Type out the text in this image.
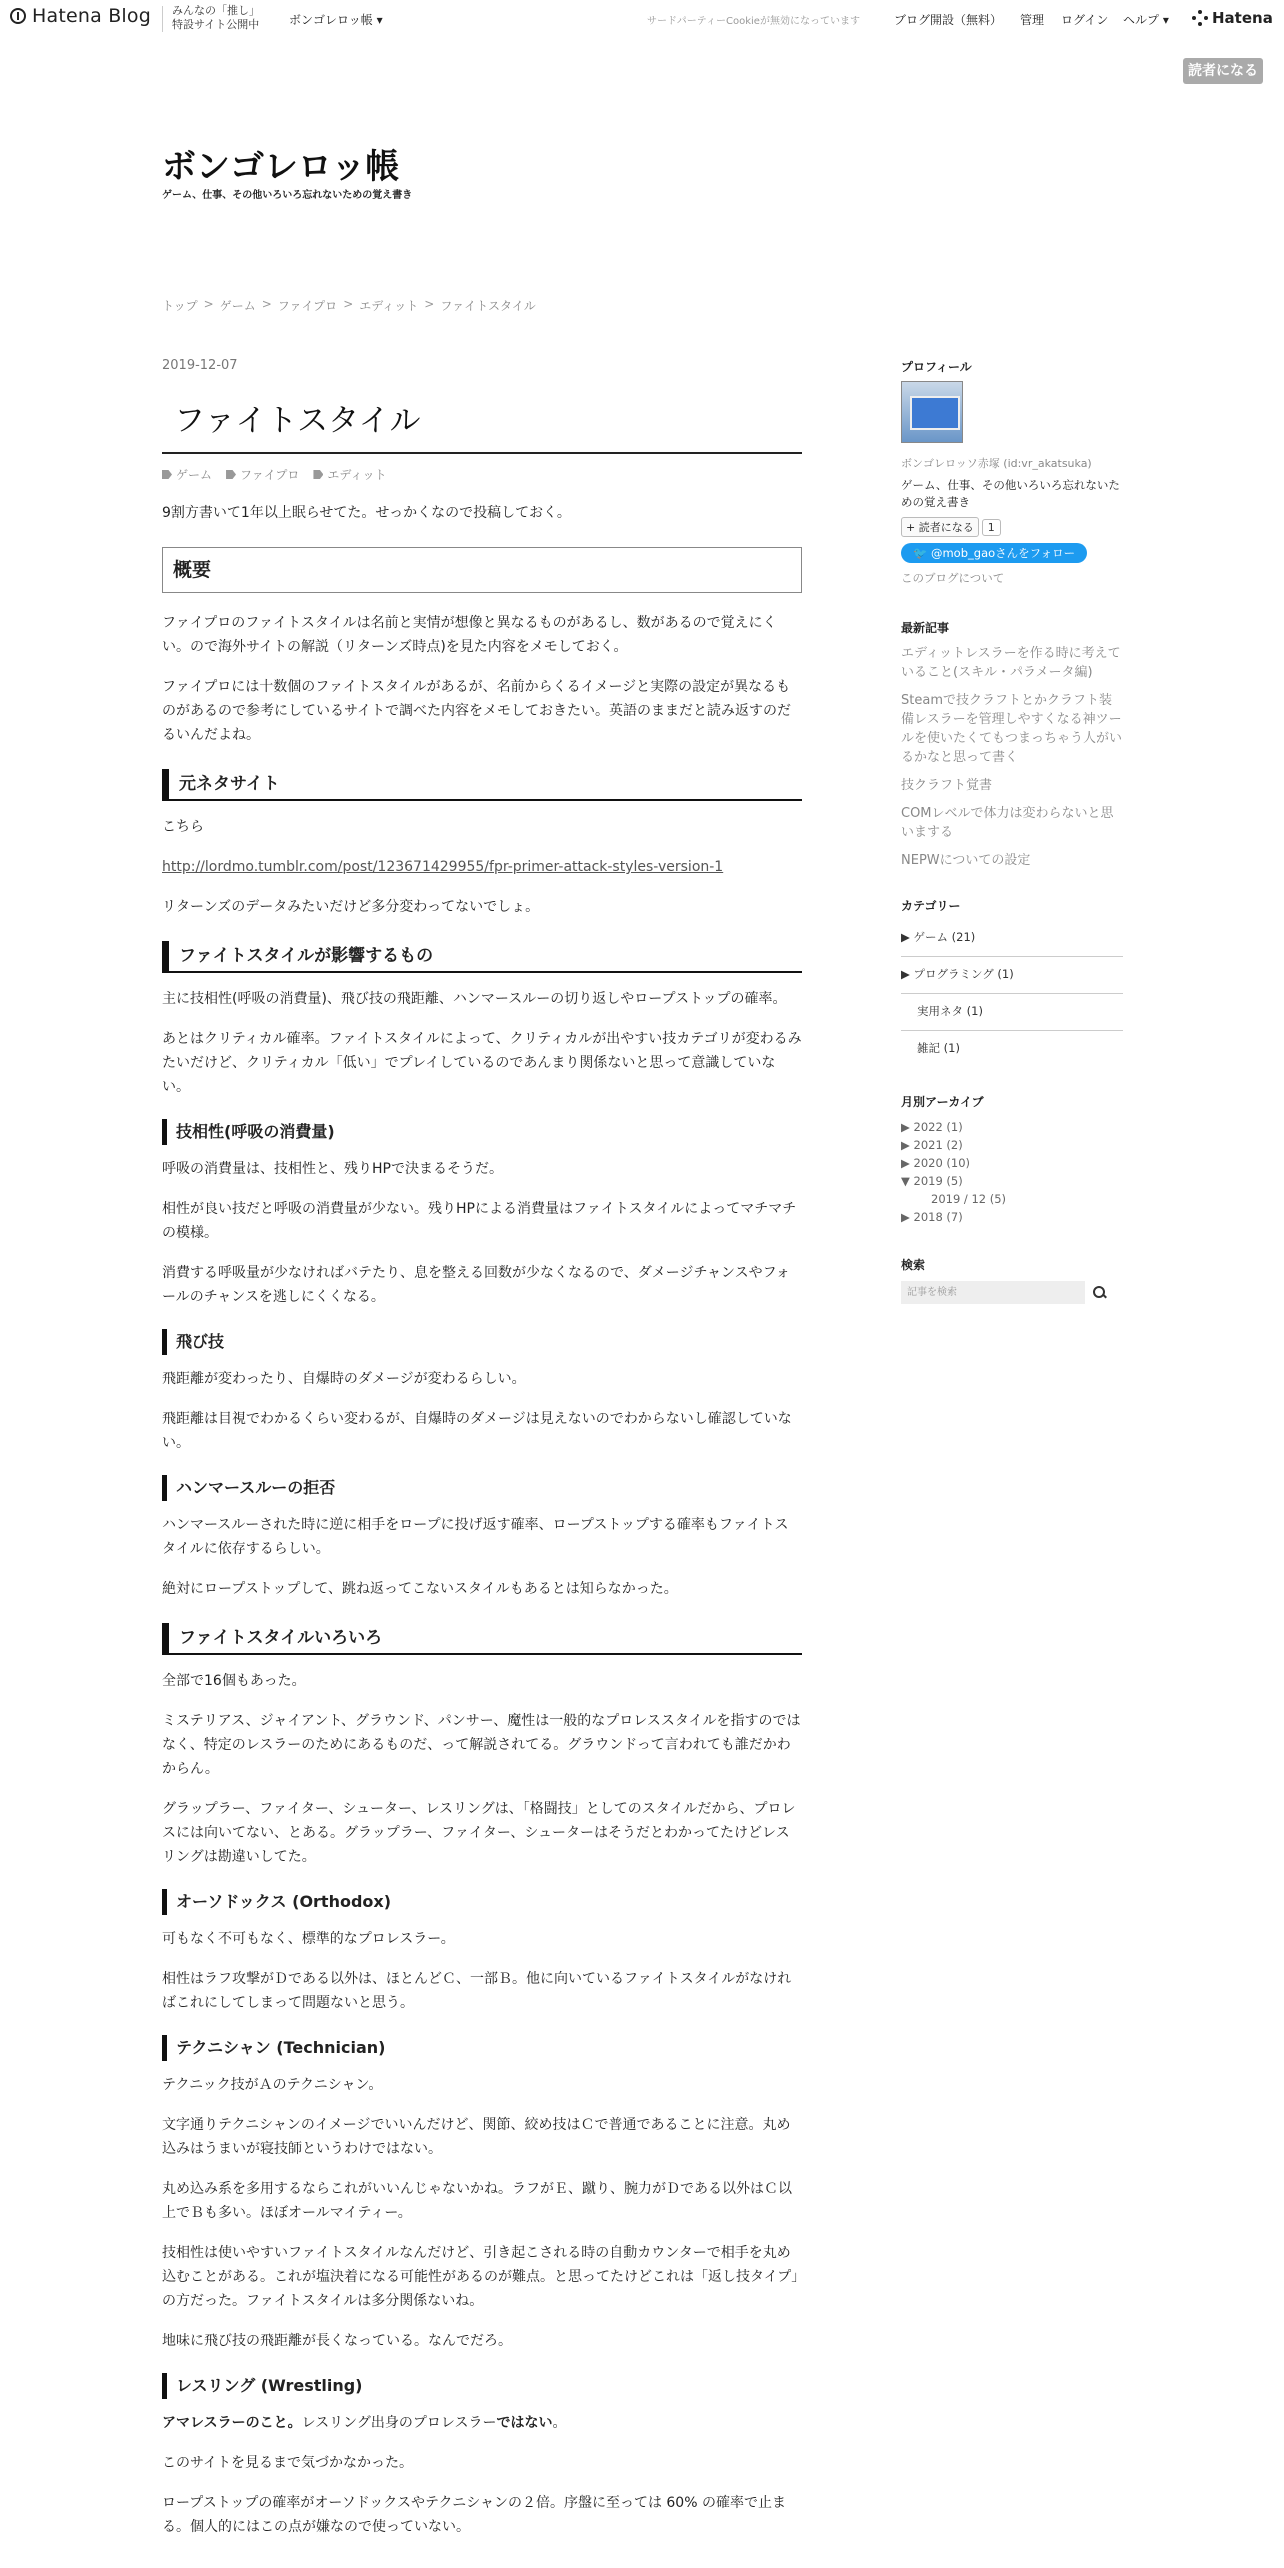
Hatena Blog みんなの「推し」
特設サイト公開中 ボンゴレロッ帳 ▾	サードパーティーCookieが無効になっています	ブログ開設（無料） 管理 ログイン ヘルプ ▾	Hatena
読者になる
ボンゴレロッ帳
ゲーム、仕事、その他いろいろ忘れないための覚え書き
トップ > ゲーム > ファイプロ > エディット > ファイトスタイル
2019-12-07
ファイトスタイル
ゲーム ファイプロ エディット

9割方書いて1年以上眠らせてた。せっかくなので投稿しておく。

概要

ファイプロのファイトスタイルは名前と実情が想像と異なるものがあるし、数があるので覚えにくい。ので海外サイトの解説（リターンズ時点)を見た内容をメモしておく。

ファイプロには十数個のファイトスタイルがあるが、名前からくるイメージと実際の設定が異なるものがあるので参考にしているサイトで調べた内容をメモしておきたい。英語のままだと読み返すのだるいんだよね。

元ネタサイト

こちら

http://lordmo.tumblr.com/post/123671429955/fpr-primer-attack-styles-version-1

リターンズのデータみたいだけど多分変わってないでしょ。

ファイトスタイルが影響するもの

主に技相性(呼吸の消費量)、飛び技の飛距離、ハンマースルーの切り返しやロープストップの確率。

あとはクリティカル確率。ファイトスタイルによって、クリティカルが出やすい技カテゴリが変わるみたいだけど、クリティカル「低い」でプレイしているのであんまり関係ないと思って意識していない。

技相性(呼吸の消費量)

呼吸の消費量は、技相性と、残りHPで決まるそうだ。

相性が良い技だと呼吸の消費量が少ない。残りHPによる消費量はファイトスタイルによってマチマチの模様。

消費する呼吸量が少なければバテたり、息を整える回数が少なくなるので、ダメージチャンスやフォールのチャンスを逃しにくくなる。

飛び技

飛距離が変わったり、自爆時のダメージが変わるらしい。

飛距離は目視でわかるくらい変わるが、自爆時のダメージは見えないのでわからないし確認していない。

ハンマースルーの拒否

ハンマースルーされた時に逆に相手をロープに投げ返す確率、ロープストップする確率もファイトスタイルに依存するらしい。

絶対にロープストップして、跳ね返ってこないスタイルもあるとは知らなかった。

ファイトスタイルいろいろ

全部で16個もあった。

ミステリアス、ジャイアント、グラウンド、パンサー、魔性は一般的なプロレススタイルを指すのではなく、特定のレスラーのためにあるものだ、って解説されてる。グラウンドって言われても誰だかわからん。

グラップラー、ファイター、シューター、レスリングは、「格闘技」としてのスタイルだから、プロレスには向いてない、とある。グラップラー、ファイター、シューターはそうだとわかってたけどレスリングは勘違いしてた。

オーソドックス (Orthodox)

可もなく不可もなく、標準的なプロレスラー。

相性はラフ攻撃がＤである以外は、ほとんどＣ、一部Ｂ。他に向いているファイトスタイルがなければこれにしてしまって問題ないと思う。

テクニシャン (Technician)

テクニック技がＡのテクニシャン。

文字通りテクニシャンのイメージでいいんだけど、関節、絞め技はＣで普通であることに注意。丸め込みはうまいが寝技師というわけではない。

丸め込み系を多用するならこれがいいんじゃないかね。ラフがＥ、蹴り、腕力がＤである以外はＣ以上でＢも多い。ほぼオールマイティー。

技相性は使いやすいファイトスタイルなんだけど、引き起こされる時の自動カウンターで相手を丸め込むことがある。これが塩決着になる可能性があるのが難点。と思ってたけどこれは「返し技タイプ」の方だった。ファイトスタイルは多分関係ないね。

地味に飛び技の飛距離が長くなっている。なんでだろ。

レスリング (Wrestling)

アマレスラーのこと。レスリング出身のプロレスラーではない。

このサイトを見るまで気づかなかった。

ロープストップの確率がオーソドックスやテクニシャンの２倍。序盤に至っては 60% の確率で止まる。個人的にはこの点が嫌なので使っていない。

プロフィール
ボンゴレロッソ赤塚 (id:vr_akatsuka)
ゲーム、仕事、その他いろいろ忘れないための覚え書き
+ 読者になる	1
🐦 @mob_gaoさんをフォロー
このブログについて
最新記事
エディットレスラーを作る時に考えていること(スキル・パラメータ編)
Steamで技クラフトとかクラフト装備レスラーを管理しやすくなる神ツールを使いたくてもつまっちゃう人がいるかなと思って書く
技クラフト覚書
COMレベルで体力は変わらないと思いまする
NEPWについての設定
カテゴリー
▶ ゲーム (21)
▶ プログラミング (1)
実用ネタ (1)
雑記 (1)
月別アーカイブ
▶ 2022 (1)
▶ 2021 (2)
▶ 2020 (10)
▼ 2019 (5)
2019 / 12 (5)
▶ 2018 (7)
検索
記事を検索
